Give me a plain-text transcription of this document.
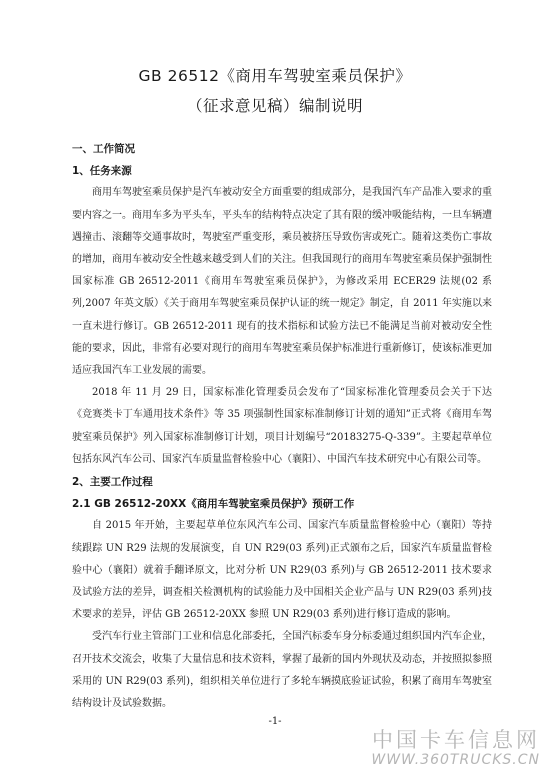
GB 26512《商用车驾驶室乘员保护》
（征求意见稿）编制说明

一、工作简况

1、任务来源

商用车驾驶室乘员保护是汽车被动安全方面重要的组成部分，是我国汽车产品准入要求的重要内容之一。商用车多为平头车，平头车的结构特点决定了其有限的缓冲吸能结构，一旦车辆遭遇撞击、滚翻等交通事故时，驾驶室严重变形，乘员被挤压导致伤害或死亡。随着这类伤亡事故的增加，商用车被动安全性越来越受到人们的关注。但我国现行的商用车驾驶室乘员保护强制性国家标准 GB 26512-2011《商用车驾驶室乘员保护》，为修改采用 ECER29 法规(02 系列,2007 年英文版）《关于商用车驾驶室乘员保护认证的统一规定》制定，自 2011 年实施以来一直未进行修订。GB 26512-2011 现有的技术指标和试验方法已不能满足当前对被动安全性能的要求，因此，非常有必要对现行的商用车驾驶室乘员保护标准进行重新修订，使该标准更加适应我国汽车工业发展的需要。

2018 年 11 月 29 日，国家标准化管理委员会发布了“国家标准化管理委员会关于下达《竞赛类卡丁车通用技术条件》等 35 项强制性国家标准制修订计划的通知”正式将《商用车驾驶室乘员保护》列入国家标准制修订计划，项目计划编号“20183275-Q-339”。主要起草单位包括东风汽车公司、国家汽车质量监督检验中心（襄阳）、中国汽车技术研究中心有限公司等。

2、主要工作过程

2.1 GB 26512-20XX《商用车驾驶室乘员保护》预研工作

自 2015 年开始，主要起草单位东风汽车公司、国家汽车质量监督检验中心（襄阳）等持续跟踪 UN R29 法规的发展演变，自 UN R29(03 系列)正式颁布之后，国家汽车质量监督检验中心（襄阳）就着手翻译原文，比对分析 UN R29(03 系列)与 GB 26512-2011 技术要求及试验方法的差异，调查相关检测机构的试验能力及中国相关企业产品与 UN R29(03 系列)技术要求的差异，评估 GB 26512-20XX 参照 UN R29(03 系列)进行修订造成的影响。

受汽车行业主管部门工业和信息化部委托，全国汽标委车身分标委通过组织国内汽车企业，召开技术交流会，收集了大量信息和技术资料，掌握了最新的国内外现状及动态，并按照拟参照采用的 UN R29(03 系列)，组织相关单位进行了多轮车辆摸底验证试验，积累了商用车驾驶室结构设计及试验数据。

-1-
中国卡车信息网
WWW.360TRUCKS.CN
